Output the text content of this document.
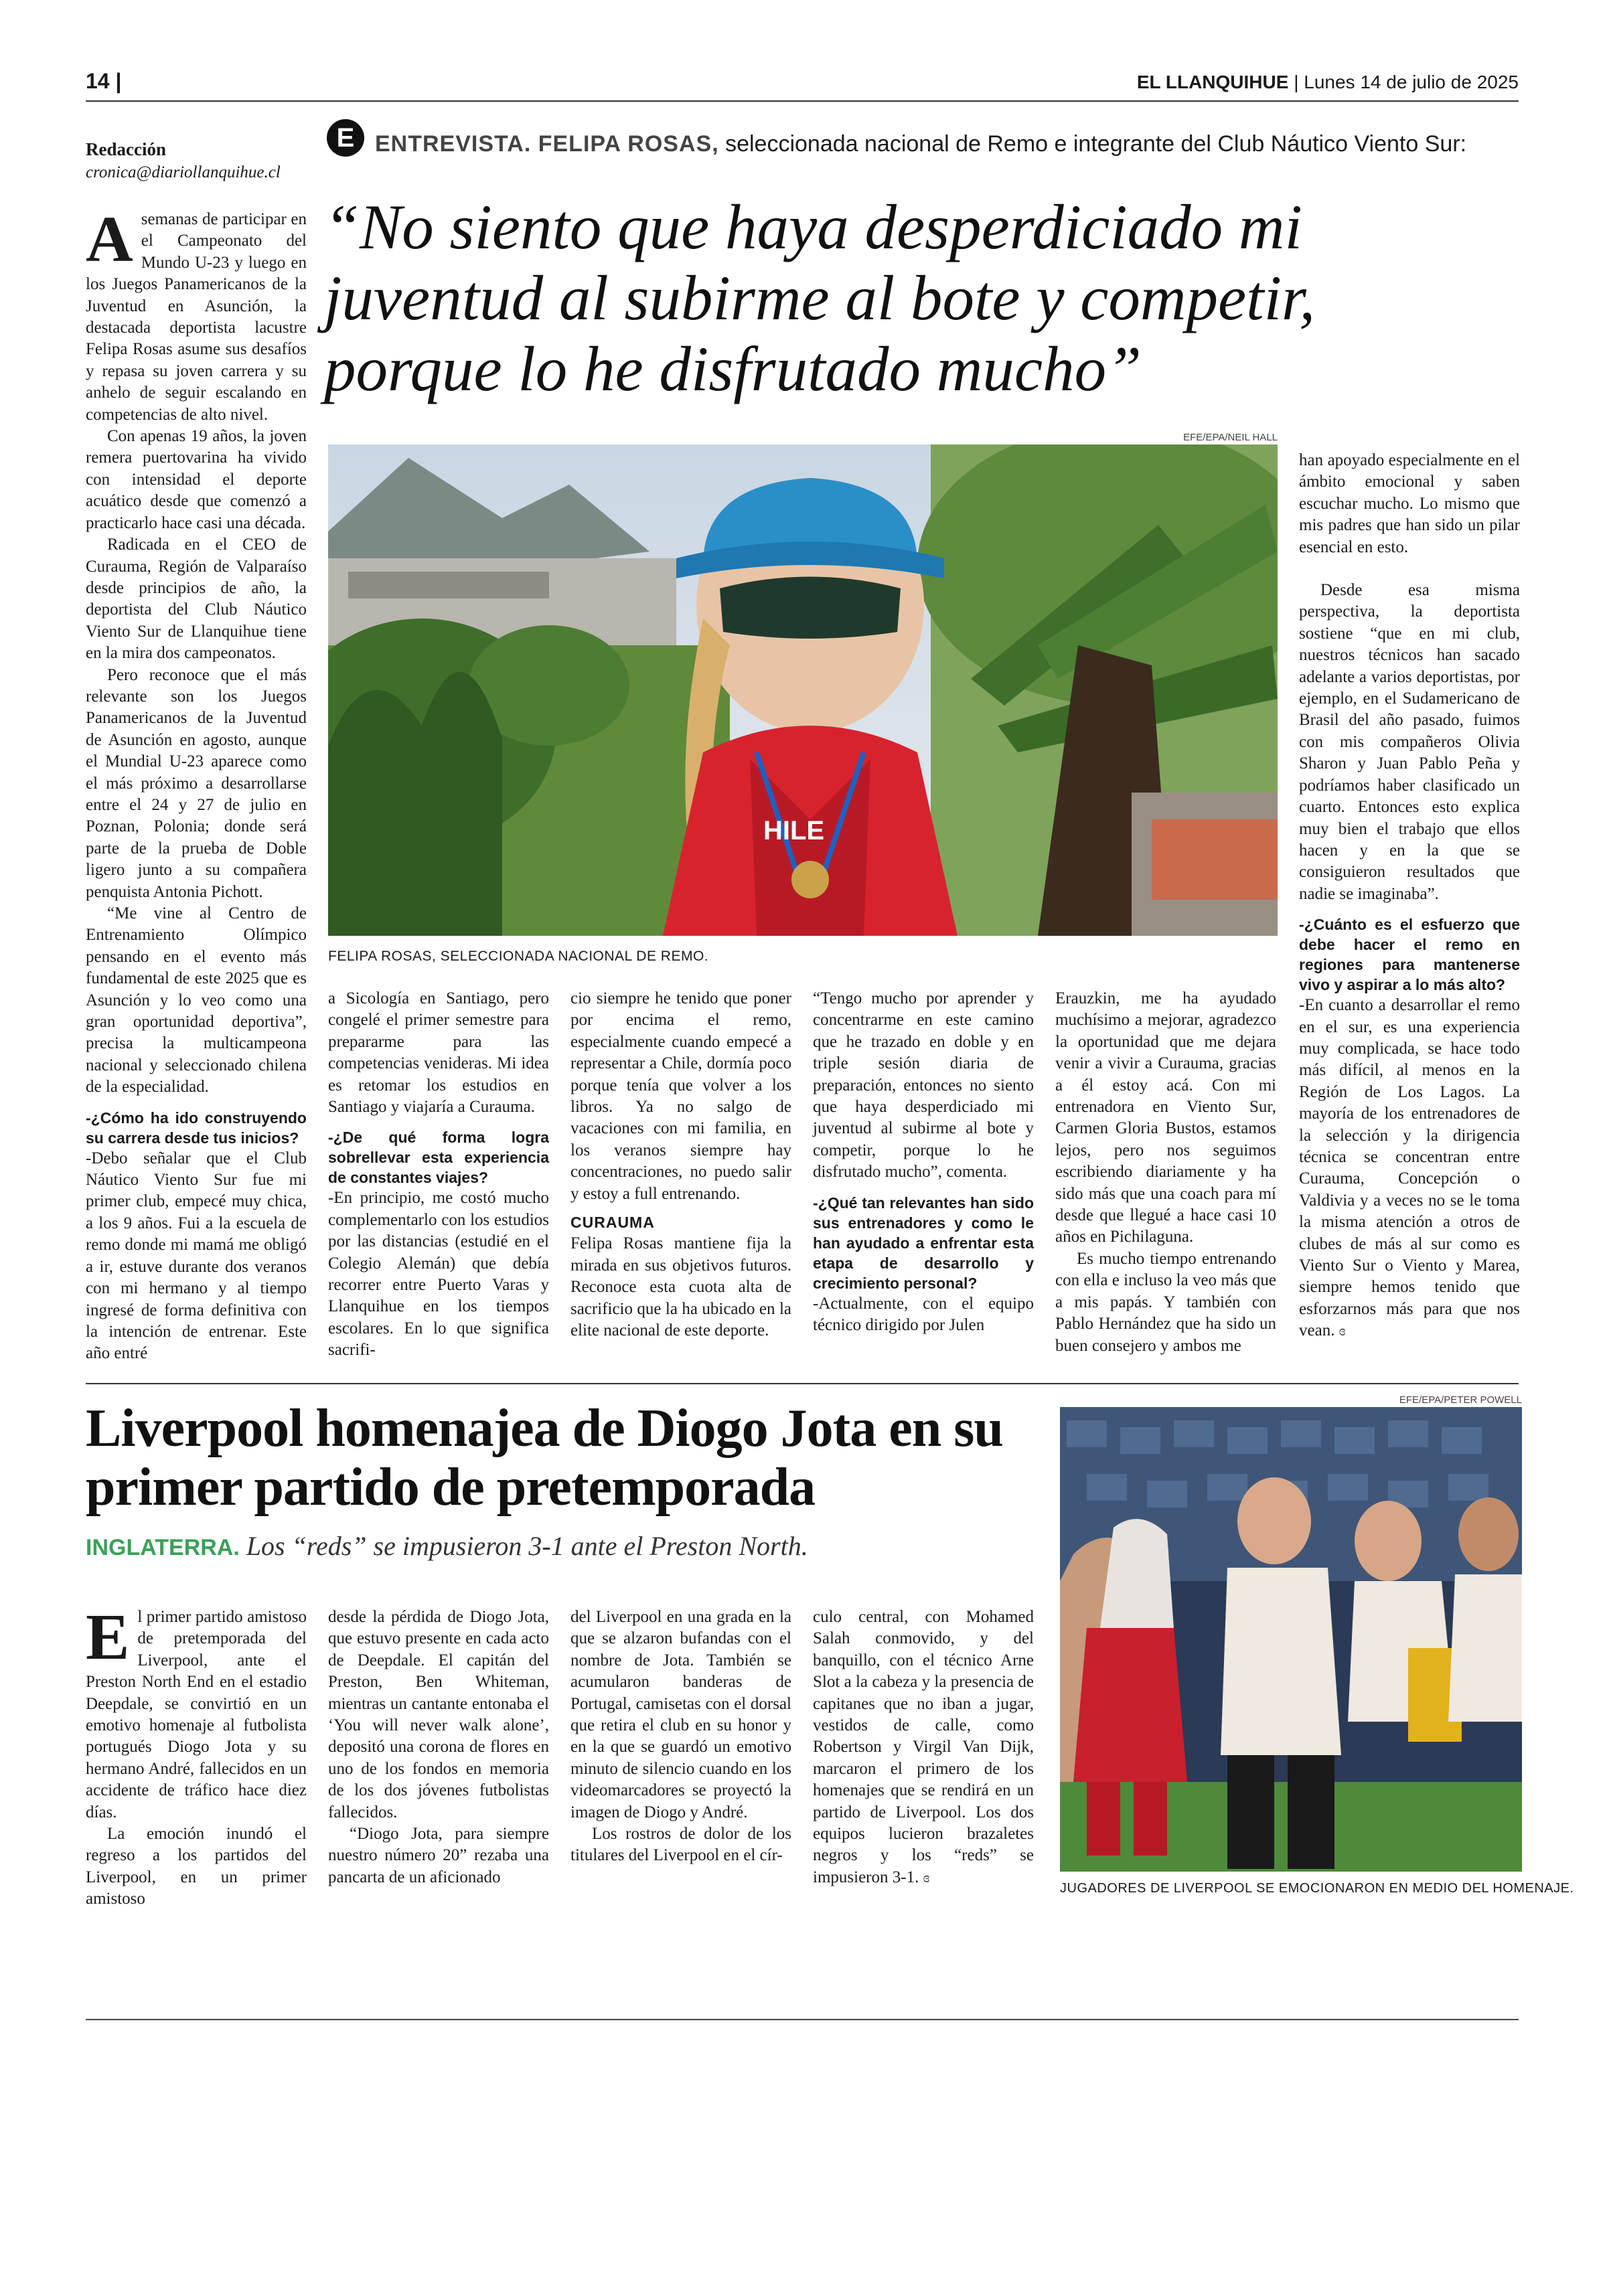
14 |	EL LLANQUIHUE | Lunes 14 de julio de 2025
Redacción
cronica@diariollanquihue.cl
E ENTREVISTA. FELIPA ROSAS, seleccionada nacional de Remo e integrante del Club Náutico Viento Sur:
“No siento que haya desperdiciado mi juventud al subirme al bote y competir, porque lo he disfrutado mucho”
EFE/EPA/NEIL HALL
HILE
FELIPA ROSAS, SELECCIONADA NACIONAL DE REMO.

Asemanas de participar en el Campeonato del Mundo U-23 y luego en los Juegos Panamericanos de la Juventud en Asunción, la destacada deportista lacustre Felipa Rosas asume sus desafíos y repasa su joven carrera y su anhelo de seguir escalando en competencias de alto nivel.

Con apenas 19 años, la joven remera puertovarina ha vivido con intensidad el deporte acuático desde que comenzó a practicarlo hace casi una década.

Radicada en el CEO de Curauma, Región de Valparaíso desde principios de año, la deportista del Club Náutico Viento Sur de Llanquihue tiene en la mira dos campeonatos.

Pero reconoce que el más relevante son los Juegos Panamericanos de la Juventud de Asunción en agosto, aunque el Mundial U-23 aparece como el más próximo a desarrollarse entre el 24 y 27 de julio en Poznan, Polonia; donde será parte de la prueba de Doble ligero junto a su compañera penquista Antonia Pichott.

“Me vine al Centro de Entrenamiento Olímpico pensando en el evento más fundamental de este 2025 que es Asunción y lo veo como una gran oportunidad deportiva”, precisa la multicampeona nacional y seleccionado chilena de la especialidad.

-¿Cómo ha ido construyendo su carrera desde tus inicios?

-Debo señalar que el Club Náutico Viento Sur fue mi primer club, empecé muy chica, a los 9 años. Fui a la escuela de remo donde mi mamá me obligó a ir, estuve durante dos veranos con mi hermano y al tiempo ingresé de forma definitiva con la intención de entrenar. Este año entré

a Sicología en Santiago, pero congelé el primer semestre para prepararme para las competencias venideras. Mi idea es retomar los estudios en Santiago y viajaría a Curauma.

-¿De qué forma logra sobrellevar esta experiencia de constantes viajes?

-En principio, me costó mucho complementarlo con los estudios por las distancias (estudié en el Colegio Alemán) que debía recorrer entre Puerto Varas y Llanquihue en los tiempos escolares. En lo que significa sacrifi-

cio siempre he tenido que poner por encima el remo, especialmente cuando empecé a representar a Chile, dormía poco porque tenía que volver a los libros. Ya no salgo de vacaciones con mi familia, en los veranos siempre hay concentraciones, no puedo salir y estoy a full entrenando.

CURAUMA

Felipa Rosas mantiene fija la mirada en sus objetivos futuros. Reconoce esta cuota alta de sacrificio que la ha ubicado en la elite nacional de este deporte.

“Tengo mucho por aprender y concentrarme en este camino que he trazado en doble y en triple sesión diaria de preparación, entonces no siento que haya desperdiciado mi juventud al subirme al bote y competir, porque lo he disfrutado mucho”, comenta.

-¿Qué tan relevantes han sido sus entrenadores y como le han ayudado a enfrentar esta etapa de desarrollo y crecimiento personal?

-Actualmente, con el equipo técnico dirigido por Julen

Erauzkin, me ha ayudado muchísimo a mejorar, agradezco la oportunidad que me dejara venir a vivir a Curauma, gracias a él estoy acá. Con mi entrenadora en Viento Sur, Carmen Gloria Bustos, estamos lejos, pero nos seguimos escribiendo diariamente y ha sido más que una coach para mí desde que llegué a hace casi 10 años en Pichilaguna.

Es mucho tiempo entrenando con ella e incluso la veo más que a mis papás. Y también con Pablo Hernández que ha sido un buen consejero y ambos me

han apoyado especialmente en el ámbito emocional y saben escuchar mucho. Lo mismo que mis padres que han sido un pilar esencial en esto.

Desde esa misma perspectiva, la deportista sostiene “que en mi club, nuestros técnicos han sacado adelante a varios deportistas, por ejemplo, en el Sudamericano de Brasil del año pasado, fuimos con mis compañeros Olivia Sharon y Juan Pablo Peña y podríamos haber clasificado un cuarto. Entonces esto explica muy bien el trabajo que ellos hacen y en la que se consiguieron resultados que nadie se imaginaba”.

-¿Cuánto es el esfuerzo que debe hacer el remo en regiones para mantenerse vivo y aspirar a lo más alto?

-En cuanto a desarrollar el remo en el sur, es una experiencia muy complicada, se hace todo más difícil, al menos en la Región de Los Lagos. La mayoría de los entrenadores de la selección y la dirigencia técnica se concentran entre Curauma, Concepción o Valdivia y a veces no se le toma la misma atención a otros de clubes de más al sur como es Viento Sur o Viento y Marea, siempre hemos tenido que esforzarnos más para que nos vean. ɞ

Liverpool homenajea de Diogo Jota en su primer partido de pretemporada
INGLATERRA. Los “reds” se impusieron 3-1 ante el Preston North.

El primer partido amistoso de pretemporada del Liverpool, ante el Preston North End en el estadio Deepdale, se convirtió en un emotivo homenaje al futbolista portugués Diogo Jota y su hermano André, fallecidos en un accidente de tráfico hace diez días.

La emoción inundó el regreso a los partidos del Liverpool, en un primer amistoso

desde la pérdida de Diogo Jota, que estuvo presente en cada acto de Deepdale. El capitán del Preston, Ben Whiteman, mientras un cantante entonaba el ‘You will never walk alone’, depositó una corona de flores en uno de los fondos en memoria de los dos jóvenes futbolistas fallecidos.

“Diogo Jota, para siempre nuestro número 20” rezaba una pancarta de un aficionado

del Liverpool en una grada en la que se alzaron bufandas con el nombre de Jota. También se acumularon banderas de Portugal, camisetas con el dorsal que retira el club en su honor y en la que se guardó un emotivo minuto de silencio cuando en los videomarcadores se proyectó la imagen de Diogo y André.

Los rostros de dolor de los titulares del Liverpool en el cír-

culo central, con Mohamed Salah conmovido, y del banquillo, con el técnico Arne Slot a la cabeza y la presencia de capitanes que no iban a jugar, vestidos de calle, como Robertson y Virgil Van Dijk, marcaron el primero de los homenajes que se rendirá en un partido de Liverpool. Los dos equipos lucieron brazaletes negros y los “reds” se impusieron 3-1. ɞ

EFE/EPA/PETER POWELL
JUGADORES DE LIVERPOOL SE EMOCIONARON EN MEDIO DEL HOMENAJE.
